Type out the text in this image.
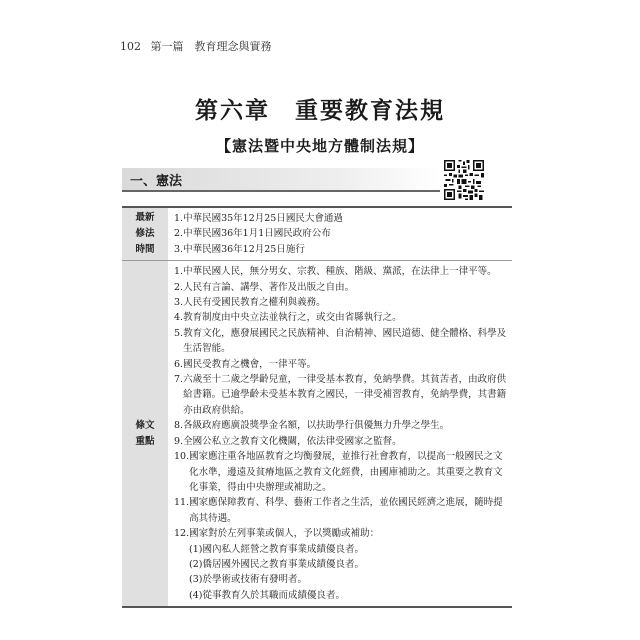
102 第一篇　教育理念與實務
第六章　重要教育法規
【憲法暨中央地方體制法規】
一、憲法
最新
修法
時間
1. 中華民國35年12月25日國民大會通過
2. 中華民國36年1月1日國民政府公布
3. 中華民國36年12月25日施行
條文
重點
1. 中華民國人民，無分男女、宗教、種族、階級、黨派，在法律上一律平等。
2. 人民有言論、講學、著作及出版之自由。
3. 人民有受國民教育之權利與義務。
4. 教育制度由中央立法並執行之，或交由省縣執行之。
5. 教育文化，應發展國民之民族精神、自治精神、國民道德、健全體格、科學及生活智能。
6. 國民受教育之機會，一律平等。
7. 六歲至十二歲之學齡兒童，一律受基本教育，免納學費。其貧苦者，由政府供給書籍。已逾學齡未受基本教育之國民，一律受補習教育，免納學費，其書籍亦由政府供給。
8. 各級政府應廣設獎學金名額，以扶助學行俱優無力升學之學生。
9. 全國公私立之教育文化機關，依法律受國家之監督。
10. 國家應注重各地區教育之均衡發展，並推行社會教育，以提高一般國民之文化水準，邊遠及貧瘠地區之教育文化經費，由國庫補助之。其重要之教育文化事業，得由中央辦理或補助之。
11. 國家應保障教育、科學、藝術工作者之生活，並依國民經濟之進展，隨時提高其待遇。
12. 國家對於左列事業或個人，予以獎勵或補助：
(1) 國內私人經營之教育事業成績優良者。
(2) 僑居國外國民之教育事業成績優良者。
(3) 於學術或技術有發明者。
(4) 從事教育久於其職而成績優良者。
